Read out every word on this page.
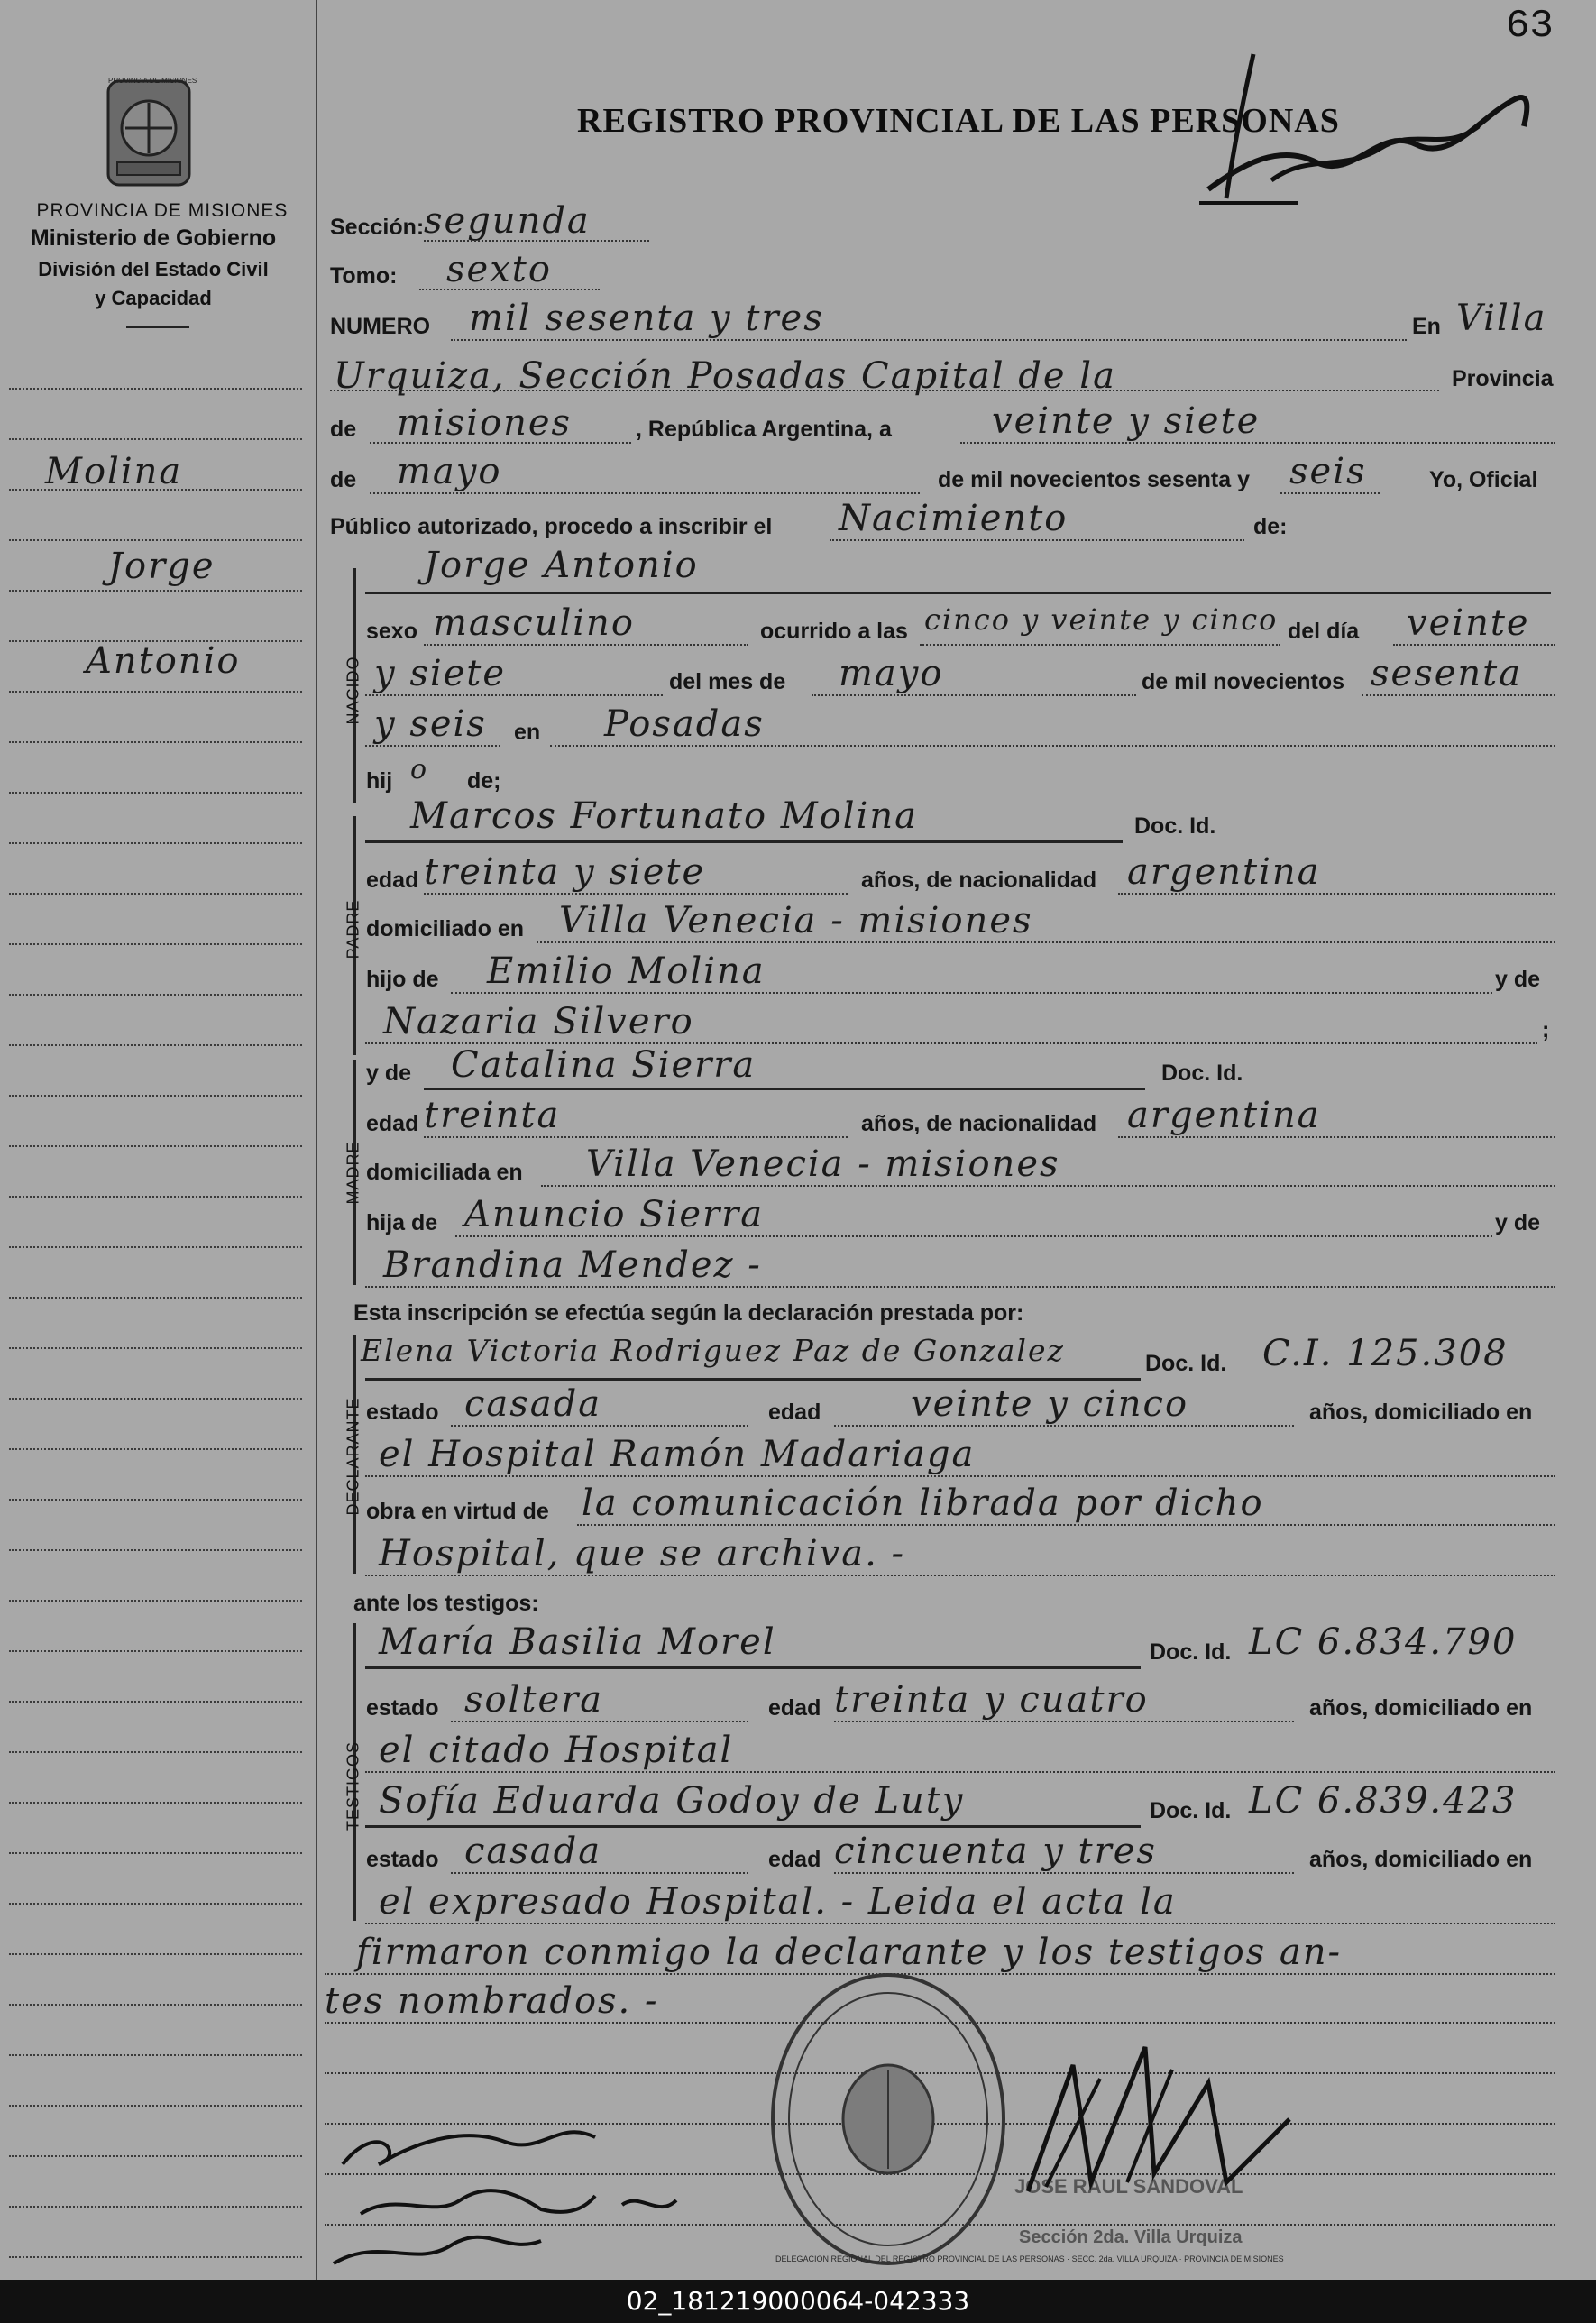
63
PROVINCIA DE MISIONES
PROVINCIA DE MISIONES
Ministerio de Gobierno
División del Estado Civil
y Capacidad
Molina
Jorge
Antonio
REGISTRO PROVINCIAL DE LAS PERSONAS
Sección: segunda
Tomo: sexto
NUMERO mil sesenta y tres	En Villa
Urquiza, Sección Posadas Capital de la	Provincia
de misiones	, República Argentina, a	veinte y siete
de mayo	de mil novecientos sesenta y seis	Yo, Oficial
Público autorizado, procedo a inscribir el Nacimiento	de:
NACIDO
Jorge Antonio
sexo masculino	ocurrido a las cinco y veinte y cinco del día veinte
y siete	del mes de mayo	de mil novecientos sesenta
y seis en Posadas
hij o de;
PADRE
Marcos Fortunato Molina	Doc. Id.
edad treinta y siete	años, de nacionalidad argentina
domiciliado en Villa Venecia - misiones
hijo de Emilio Molina	y de
Nazaria Silvero	;
MADRE
y de Catalina Sierra	Doc. Id.
edad treinta	años, de nacionalidad argentina
domiciliada en Villa Venecia - misiones
hija de Anuncio Sierra	y de
Brandina Mendez -
Esta inscripción se efectúa según la declaración prestada por:
DECLARANTE
Elena Victoria Rodriguez Paz de Gonzalez	Doc. Id. C.I. 125.308
estado casada	edad veinte y cinco	años, domiciliado en
el Hospital Ramón Madariaga
obra en virtud de la comunicación librada por dicho
Hospital, que se archiva. -
ante los testigos:
TESTIGOS
María Basilia Morel	Doc. Id. LC 6.834.790
estado soltera	edad treinta y cuatro	años, domiciliado en
el citado Hospital
Sofía Eduarda Godoy de Luty	Doc. Id. LC 6.839.423
estado casada	edad cincuenta y tres	años, domiciliado en
el expresado Hospital. - Leida el acta la
firmaron conmigo la declarante y los testigos an-
tes nombrados. -
DELEGACION REGIONAL DEL REGISTRO PROVINCIAL DE LAS PERSONAS · SECC. 2da. VILLA URQUIZA · PROVINCIA DE MISIONES
JOSE RAUL SANDOVAL
Sección 2da. Villa Urquiza
02_181219000064-042333
